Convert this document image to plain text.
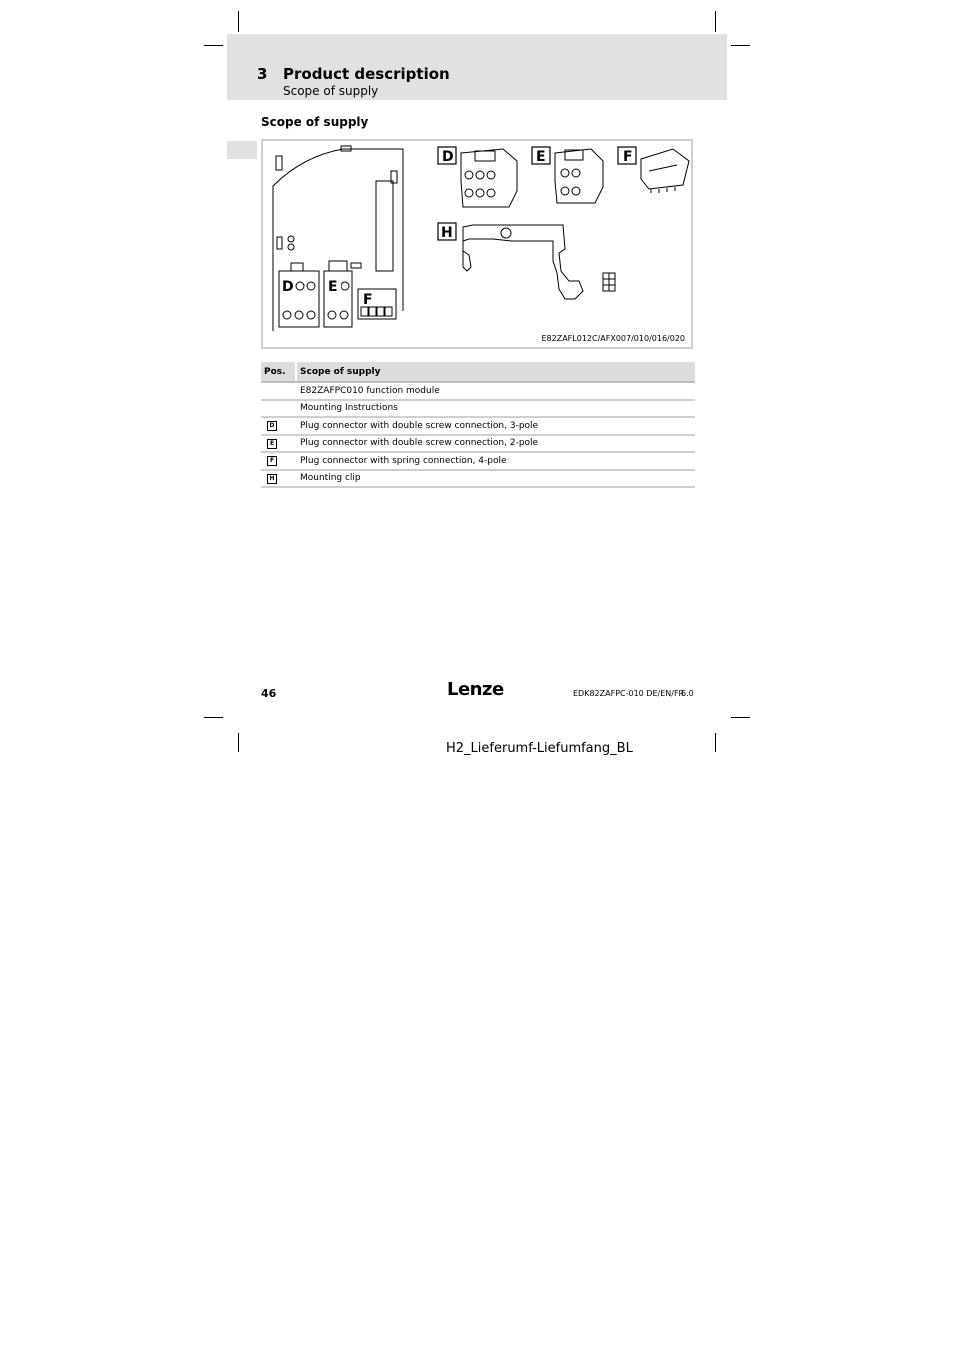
3 Product description
Scope of supply
Scope of supply
D	E	F
H
D E
F
E82ZAFL012C/AFX007/010/016/020
Pos.	Scope of supply
	E82ZAFPC010 function module
	Mounting Instructions
D	Plug connector with double screw connection, 3-pole
E	Plug connector with double screw connection, 2-pole
F	Plug connector with spring connection, 4-pole
H	Mounting clip
46	Lenze	EDK82ZAFPC-010 DE/EN/FR
6.0
H2_Lieferumf-Liefumfang_BL
